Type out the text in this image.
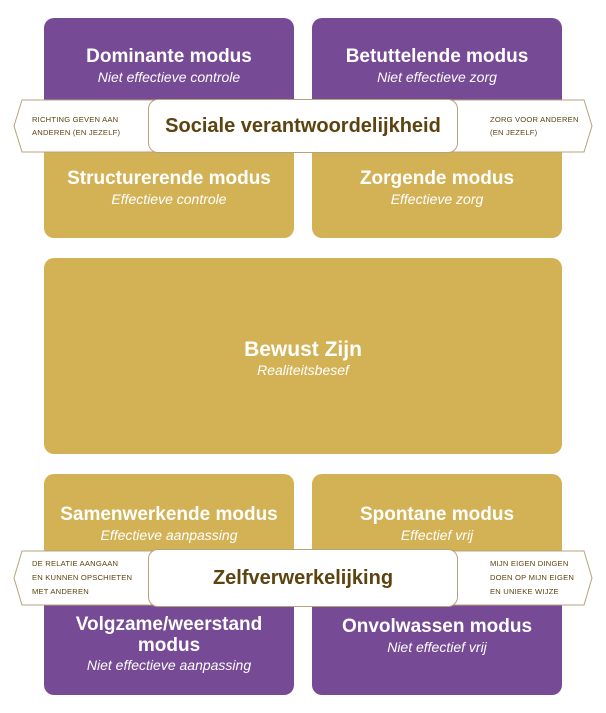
Dominante modus
Niet effectieve controle
Betuttelende modus
Niet effectieve zorg
Structurerende modus
Effectieve controle
Zorgende modus
Effectieve zorg
RICHTING GEVEN AAN
ANDEREN (EN JEZELF)
ZORG VOOR ANDEREN
(EN JEZELF)
Sociale verantwoordelijkheid
Bewust Zijn
Realiteitsbesef
Samenwerkende modus
Effectieve aanpassing
Spontane modus
Effectief vrij
Volgzame/weerstand
modus
Niet effectieve aanpassing
Onvolwassen modus
Niet effectief vrij
DE RELATIE AANGAAN
EN KUNNEN OPSCHIETEN
MET ANDEREN
MIJN EIGEN DINGEN
DOEN OP MIJN EIGEN
EN UNIEKE WIJZE
Zelfverwerkelijking
